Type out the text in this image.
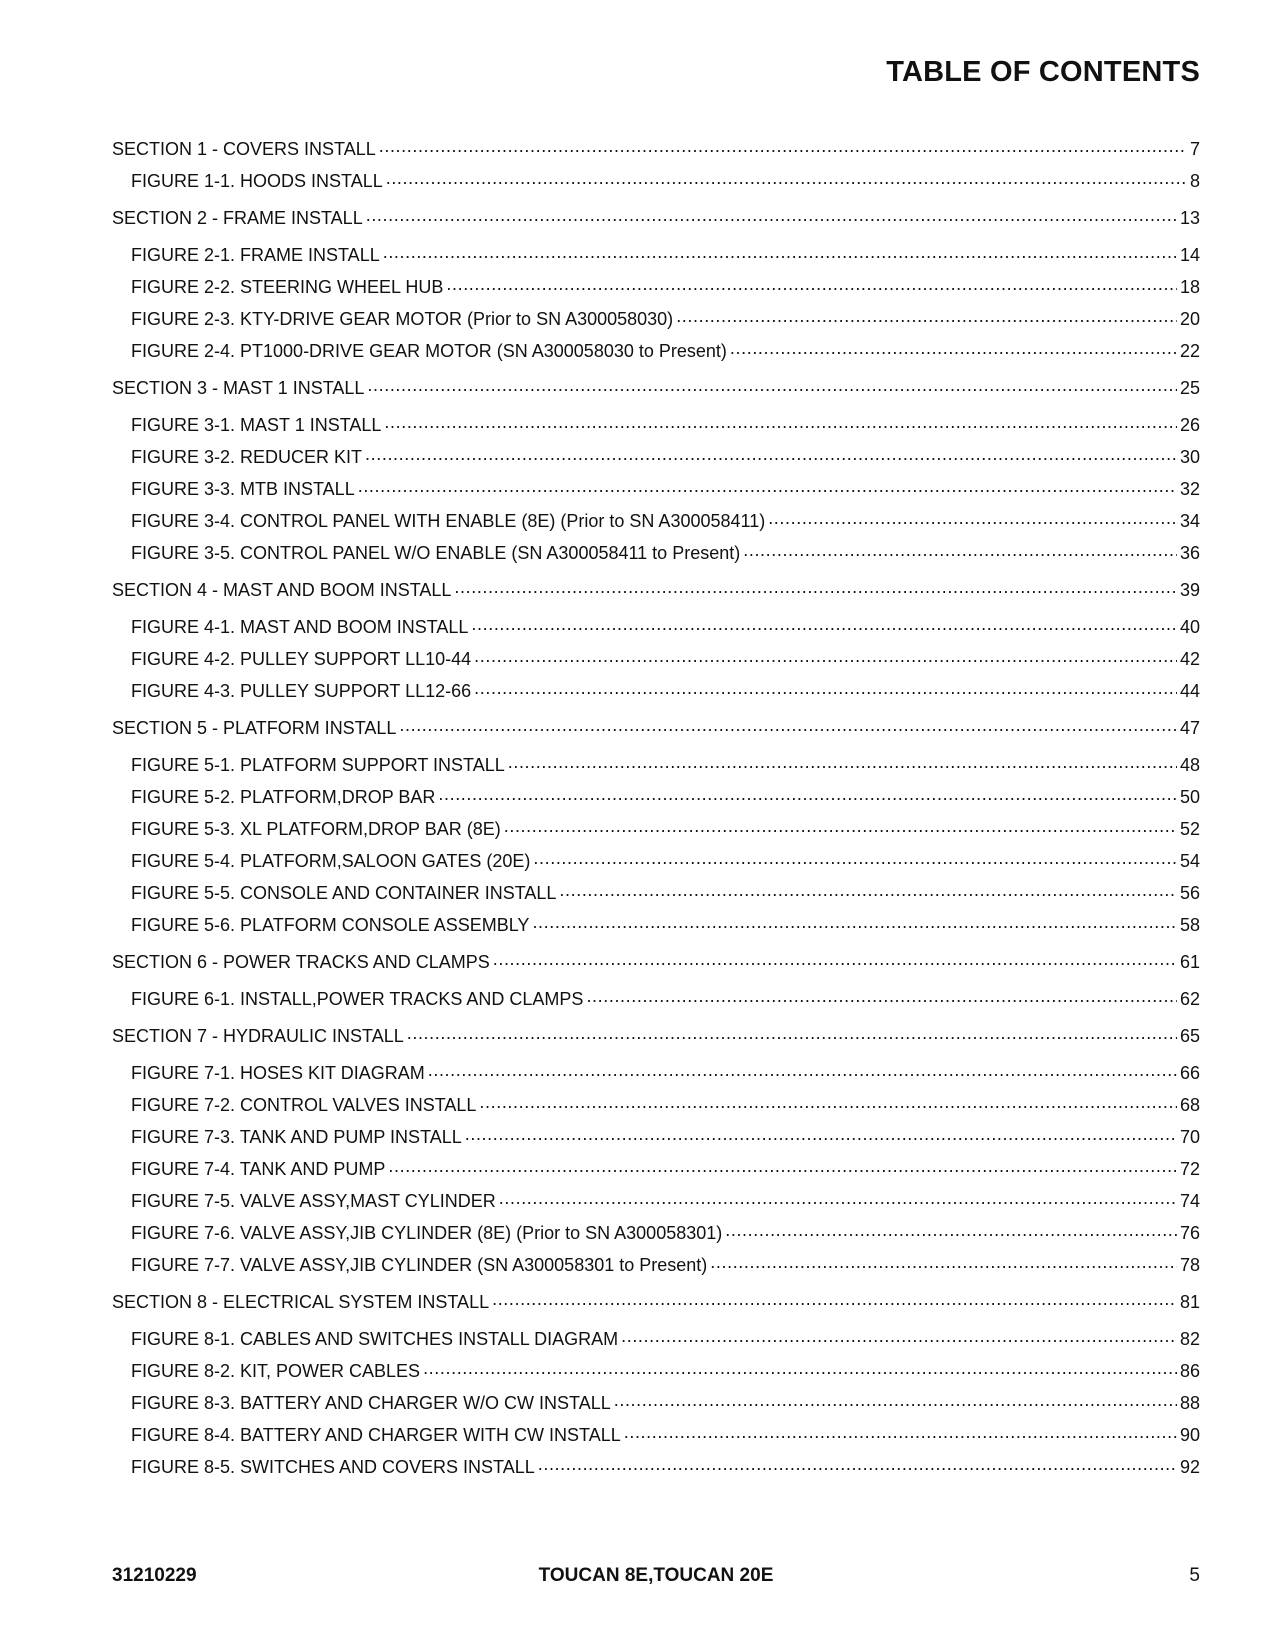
TABLE OF CONTENTS
SECTION 1 - COVERS INSTALL . . .	7
FIGURE 1-1. HOODS INSTALL . . .	8
SECTION 2 - FRAME INSTALL . . .	13
FIGURE 2-1. FRAME INSTALL . . .	14
FIGURE 2-2. STEERING WHEEL HUB . . .	18
FIGURE 2-3. KTY-DRIVE GEAR MOTOR (Prior to SN A300058030) . . .	20
FIGURE 2-4. PT1000-DRIVE GEAR MOTOR (SN A300058030 to Present) . . .	22
SECTION 3 - MAST 1 INSTALL . . .	25
FIGURE 3-1. MAST 1 INSTALL . . .	26
FIGURE 3-2. REDUCER KIT . . .	30
FIGURE 3-3. MTB INSTALL . . .	32
FIGURE 3-4. CONTROL PANEL WITH ENABLE (8E) (Prior to SN A300058411) . . .	34
FIGURE 3-5. CONTROL PANEL W/O ENABLE (SN A300058411 to Present) . . .	36
SECTION 4 - MAST AND BOOM INSTALL . . .	39
FIGURE 4-1. MAST AND BOOM INSTALL . . .	40
FIGURE 4-2. PULLEY SUPPORT LL10-44 . . .	42
FIGURE 4-3. PULLEY SUPPORT LL12-66 . . .	44
SECTION 5 - PLATFORM INSTALL . . .	47
FIGURE 5-1. PLATFORM SUPPORT INSTALL . . .	48
FIGURE 5-2. PLATFORM,DROP BAR . . .	50
FIGURE 5-3. XL PLATFORM,DROP BAR (8E) . . .	52
FIGURE 5-4. PLATFORM,SALOON GATES (20E) . . .	54
FIGURE 5-5. CONSOLE AND CONTAINER INSTALL . . .	56
FIGURE 5-6. PLATFORM CONSOLE ASSEMBLY . . .	58
SECTION 6 - POWER TRACKS AND CLAMPS . . .	61
FIGURE 6-1. INSTALL,POWER TRACKS AND CLAMPS . . .	62
SECTION 7 - HYDRAULIC INSTALL . . .	65
FIGURE 7-1. HOSES KIT DIAGRAM . . .	66
FIGURE 7-2. CONTROL VALVES INSTALL . . .	68
FIGURE 7-3. TANK AND PUMP INSTALL . . .	70
FIGURE 7-4. TANK AND PUMP . . .	72
FIGURE 7-5. VALVE ASSY,MAST CYLINDER . . .	74
FIGURE 7-6. VALVE ASSY,JIB CYLINDER (8E) (Prior to SN A300058301) . . .	76
FIGURE 7-7. VALVE ASSY,JIB CYLINDER (SN A300058301 to Present) . . .	78
SECTION 8 - ELECTRICAL SYSTEM INSTALL . . .	81
FIGURE 8-1. CABLES AND SWITCHES INSTALL DIAGRAM . . .	82
FIGURE 8-2. KIT, POWER CABLES . . .	86
FIGURE 8-3. BATTERY AND CHARGER W/O CW INSTALL . . .	88
FIGURE 8-4. BATTERY AND CHARGER WITH CW INSTALL . . .	90
FIGURE 8-5. SWITCHES AND COVERS INSTALL . . .	92
31210229	TOUCAN 8E,TOUCAN 20E	5
